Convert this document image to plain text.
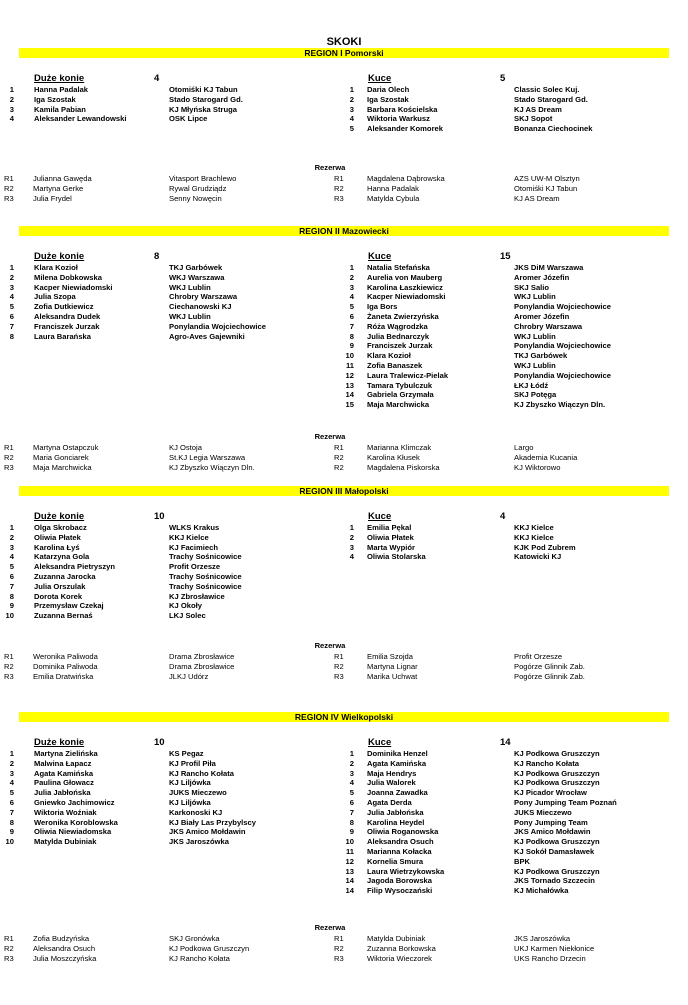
SKOKI
REGION I Pomorski
Duże konie	4
1	Hanna Padalak	Otomiśki KJ Tabun
2	Iga Szostak	Stado Starogard Gd.
3	Kamila Pabian	KJ Młyńska Struga
4	Aleksander Lewandowski	OSK Lipce
Kuce	5
1 Daria Olech	Classic Solec Kuj.
2 Iga Szostak	Stado Starogard Gd.
3 Barbara Kościelska	KJ AS Dream
4 Wiktoria Warkusz	SKJ Sopot
5 Aleksander Komorek	Bonanza Ciechocinek
Rezerwa
R1	Julianna Gawęda	Vitasport Brachlewo
R2	Martyna Gerke	Rywal Grudziądz
R3	Julia Frydel	Senny Nowęcin
R1	Magdalena Dąbrowska	AZS UW-M Olsztyn
R2	Hanna Padalak	Otomiśki KJ Tabun
R3	Matylda Cybula	KJ AS Dream
REGION II Mazowiecki
Duże konie	8
1	Klara Kozioł	TKJ Garbówek
2	Milena Dobkowska	WKJ Warszawa
3	Kacper Niewiadomski	WKJ Lublin
4	Julia Szopa	Chrobry Warszawa
5	Zofia Dutkiewicz	Ciechanowski KJ
6	Aleksandra Dudek	WKJ Lublin
7	Franciszek Jurzak	Ponylandia Wojciechowice
8	Laura Barańska	Agro-Aves Gajewniki
Kuce	15
1 Natalia Stefańska	JKS DiM Warszawa
2 Aurelia von Mauberg	Aromer Józefin
3 Karolina Łaszkiewicz	SKJ Salio
4 Kacper Niewiadomski	WKJ Lublin
5 Iga Bors	Ponylandia Wojciechowice
6 Żaneta Zwierzyńska	Aromer Józefin
7 Róża Wągrodzka	Chrobry Warszawa
8 Julia Bednarczyk	WKJ Lublin
9 Franciszek Jurzak	Ponylandia Wojciechowice
10 Klara Kozioł	TKJ Garbówek
11 Zofia Banaszek	WKJ Lublin
12 Laura Tralewicz-Pielak	Ponylandia Wojciechowice
13 Tamara Tybulczuk	ŁKJ Łódź
14 Gabriela Grzymała	SKJ Potęga
15 Maja Marchwicka	KJ Zbyszko Wiączyn Dln.
Rezerwa
R1	Martyna Ostapczuk	KJ Ostoja
R2	Maria Gonciarek	St.KJ Legia Warszawa
R3	Maja Marchwicka	KJ Zbyszko Wiączyn Dln.
R1	Marianna Klimczak	Largo
R2	Karolina Kłusek	Akademia Kucania
R2	Magdalena Piskorska	KJ Wiktorowo
REGION III Małopolski
Duże konie	10
1	Olga Skrobacz	WLKS Krakus
2	Oliwia Płatek	KKJ Kielce
3	Karolina Łyś	KJ Facimiech
4	Katarzyna Gola	Trachy Sośnicowice
5	Aleksandra Pietryszyn	Profit Orzesze
6	Zuzanna Jarocka	Trachy Sośnicowice
7	Julia Orszulak	Trachy Sośnicowice
8	Dorota Korek	KJ Zbrosławice
9	Przemysław Czekaj	KJ Okoły
10	Zuzanna Bernaś	LKJ Solec
Kuce	4
1 Emilia Pękal	KKJ Kielce
2 Oliwia Płatek	KKJ Kielce
3 Marta Wypiór	KJK Pod Zubrem
4 Oliwia Stolarska	Katowicki KJ
Rezerwa
R1	Weronika Paliwoda	Drama Zbrosławice
R2	Dominika Paliwoda	Drama Zbrosławice
R3	Emilia Dratwińska	JLKJ Udórz
R1	Emilia Szojda	Profit Orzesze
R2	Martyna Lignar	Pogórze Glinnik Zab.
R3	Marika Uchwat	Pogórze Glinnik Zab.
REGION IV Wielkopolski
Duże konie	10
1	Martyna Zielińska	KS Pegaz
2	Malwina Łapacz	KJ Profil Piła
3	Agata Kamińska	KJ Rancho Kołata
4	Paulina Głowacz	KJ Liljówka
5	Julia Jabłońska	JUKS Mieczewo
6	Gniewko Jachimowicz	KJ Liljówka
7	Wiktoria Woźniak	Karkonoski KJ
8	Weronika Koroblowska	KJ Biały Las Przybylscy
9	Oliwia Niewiadomska	JKS Amico Mołdawin
10	Matylda Dubiniak	JKS Jaroszówka
Kuce	14
1 Dominika Henzel	KJ Podkowa Gruszczyn
2 Agata Kamińska	KJ Rancho Kołata
3 Maja Hendrys	KJ Podkowa Gruszczyn
4 Julia Walorek	KJ Podkowa Gruszczyn
5 Joanna Zawadka	KJ Picador Wrocław
6 Agata Derda	Pony Jumping Team Poznań
7 Julia Jabłońska	JUKS Mieczewo
8 Karolina Heydel	Pony Jumping Team
9 Oliwia Roganowska	JKS Amico Mołdawin
10 Aleksandra Osuch	KJ Podkowa Gruszczyn
11 Marianna Kołacka	KJ Sokół Damasławek
12 Kornelia Smura	BPK
13 Laura Wietrzykowska	KJ Podkowa Gruszczyn
14 Jagoda Borowska	JKS Tornado Szczecin
14 Filip Wysoczański	KJ Michałówka
Rezerwa
R1	Zofia Budzyńska	SKJ Gronówka
R2	Aleksandra Osuch	KJ Podkowa Gruszczyn
R3	Julia Moszczyńska	KJ Rancho Kołata
R1	Matylda Dubiniak	JKS Jaroszówka
R2	Zuzanna Borkowska	UKJ Karmen Niekłonice
R3	Wiktoria Wieczorek	UKS Rancho Drzecin
